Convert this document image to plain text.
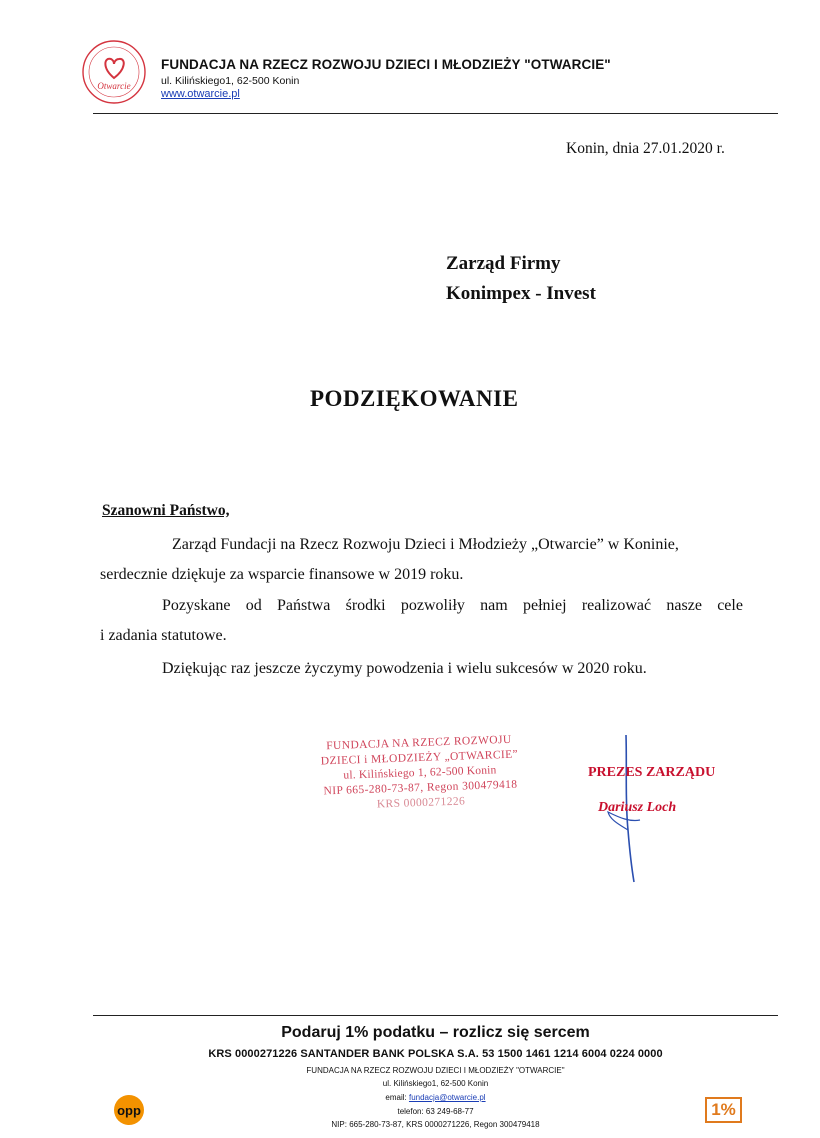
Otwarcie
FUNDACJA NA RZECZ ROZWOJU DZIECI I MŁODZIEŻY "OTWARCIE"
ul. Kilińskiego1, 62-500 Konin
www.otwarcie.pl
Konin, dnia 27.01.2020 r.
Zarząd Firmy
Konimpex - Invest
PODZIĘKOWANIE
Szanowni Państwo,
Zarząd Fundacji na Rzecz Rozwoju Dzieci i Młodzieży „Otwarcie” w Koninie,
serdecznie dziękuje za wsparcie finansowe w 2019 roku.
Pozyskane od Państwa środki pozwoliły nam pełniej realizować nasze cele
i zadania statutowe.
Dziękując raz jeszcze życzymy powodzenia i wielu sukcesów w 2020 roku.
FUNDACJA NA RZECZ ROZWOJU
DZIECI i MŁODZIEŻY „OTWARCIE”
ul. Kilińskiego 1, 62-500 Konin
NIP 665-280-73-87, Regon 300479418
KRS 0000271226
PREZES ZARZĄDU
Dariusz Loch
Podaruj 1% podatku – rozlicz się sercem
KRS 0000271226 SANTANDER BANK POLSKA S.A. 53 1500 1461 1214 6004 0224 0000
FUNDACJA NA RZECZ ROZWOJU DZIECI I MŁODZIEŻY "OTWARCIE"
ul. Kilińskiego1, 62-500 Konin
email: fundacja@otwarcie.pl
telefon: 63 249-68-77
NIP: 665-280-73-87, KRS 0000271226, Regon 300479418
opp	1%
